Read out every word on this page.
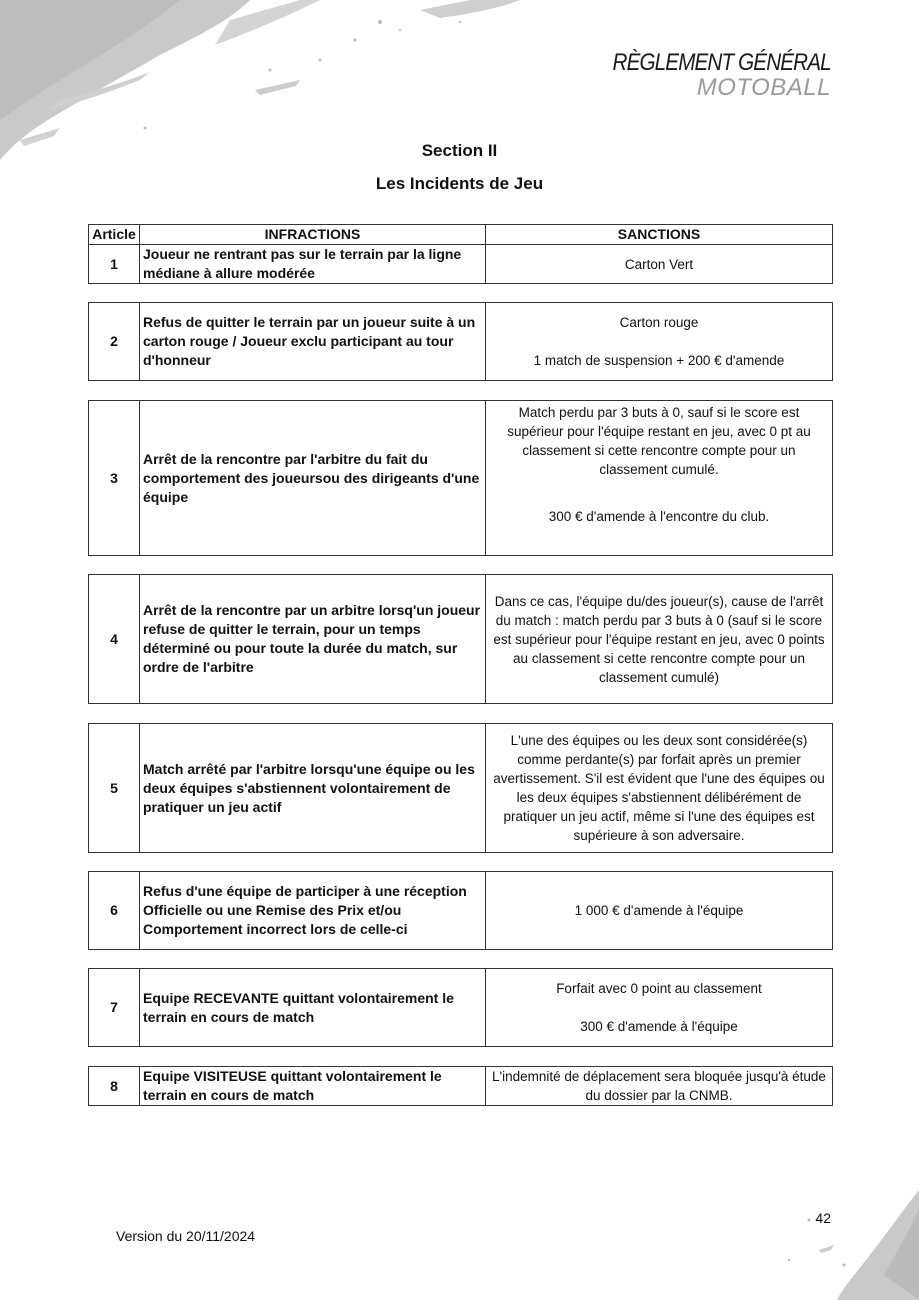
RÈGLEMENT GÉNÉRAL
MOTOBALL
Section II
Les Incidents de Jeu
Article	INFRACTIONS	SANCTIONS
1	Joueur ne rentrant pas sur le terrain par la ligne médiane à allure modérée	Carton Vert
2	Refus de quitter le terrain par un joueur suite à un carton rouge / Joueur exclu participant au tour d'honneur	Carton rouge
1 match de suspension + 200 € d'amende
3	Arrêt de la rencontre par l'arbitre du fait du comportement des joueursou des dirigeants d'une équipe	Match perdu par 3 buts à 0, sauf si le score est supérieur pour l'équipe restant en jeu, avec 0 pt au classement si cette rencontre compte pour un classement cumulé.
300 € d'amende à l'encontre du club.
4	Arrêt de la rencontre par un arbitre lorsq'un joueur refuse de quitter le terrain, pour un temps déterminé ou pour toute la durée du match, sur ordre de l'arbitre	Dans ce cas, l'équipe du/des joueur(s), cause de l'arrêt du match : match perdu par 3 buts à 0 (sauf si le score est supérieur pour l'équipe restant en jeu, avec 0 points au classement si cette rencontre compte pour un classement cumulé)
5	Match arrêté par l'arbitre lorsqu'une équipe ou les deux équipes s'abstiennent volontairement de pratiquer un jeu actif	L'une des équipes ou les deux sont considérée(s) comme perdante(s) par forfait après un premier avertissement. S'il est évident que l'une des équipes ou les deux équipes s'abstiennent délibérément de pratiquer un jeu actif, même si l'une des équipes est supérieure à son adversaire.
6	Refus d'une équipe de participer à une réception Officielle ou une Remise des Prix et/ou Comportement incorrect lors de celle-ci	1 000 € d'amende à l'équipe
7	Equipe RECEVANTE quittant volontairement le terrain en cours de match	Forfait avec 0 point au classement
300 € d'amende à l'équipe
8	Equipe VISITEUSE quittant volontairement le terrain en cours de match	L'indemnité de déplacement sera bloquée jusqu'à étude du dossier par la CNMB.
Version du 20/11/2024
42
